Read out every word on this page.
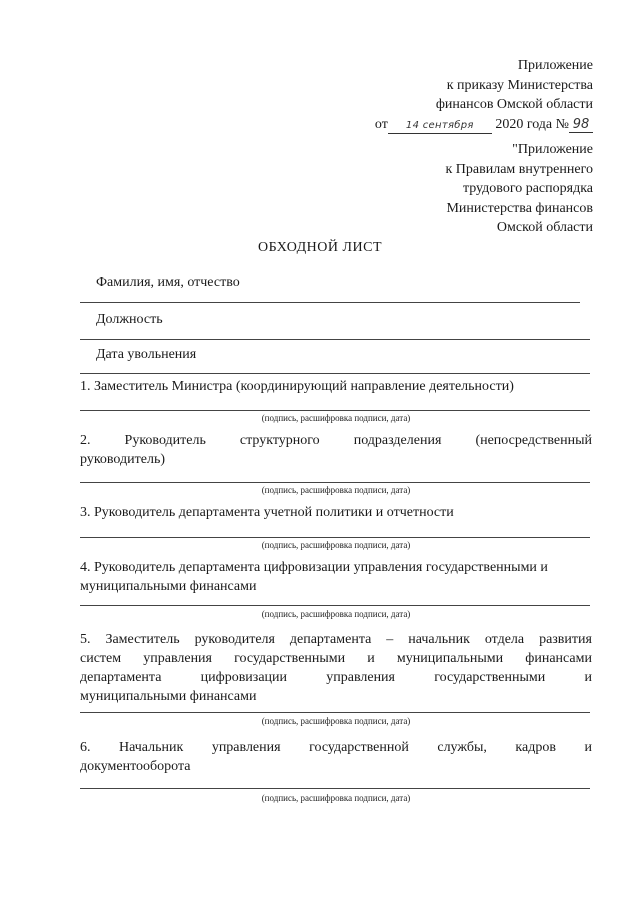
Приложение
к приказу Министерства
финансов Омской области
от 14 сентября 2020 года № 98
"Приложение
к Правилам внутреннего
трудового распорядка
Министерства финансов
Омской области
ОБХОДНОЙ ЛИСТ
Фамилия, имя, отчество
Должность
Дата увольнения
1. Заместитель Министра (координирующий направление деятельности)
(подпись, расшифровка подписи, дата)
2. Руководитель структурного подразделения (непосредственный
руководитель)
(подпись, расшифровка подписи, дата)
3. Руководитель департамента учетной политики и отчетности
(подпись, расшифровка подписи, дата)
4. Руководитель департамента цифровизации управления государственными и
муниципальными финансами
(подпись, расшифровка подписи, дата)
5. Заместитель руководителя департамента – начальник отдела развития
систем управления государственными и муниципальными финансами
департамента	цифровизации	управления	государственными	и
муниципальными финансами
(подпись, расшифровка подписи, дата)
6. Начальник управления государственной службы, кадров и
документооборота
(подпись, расшифровка подписи, дата)
